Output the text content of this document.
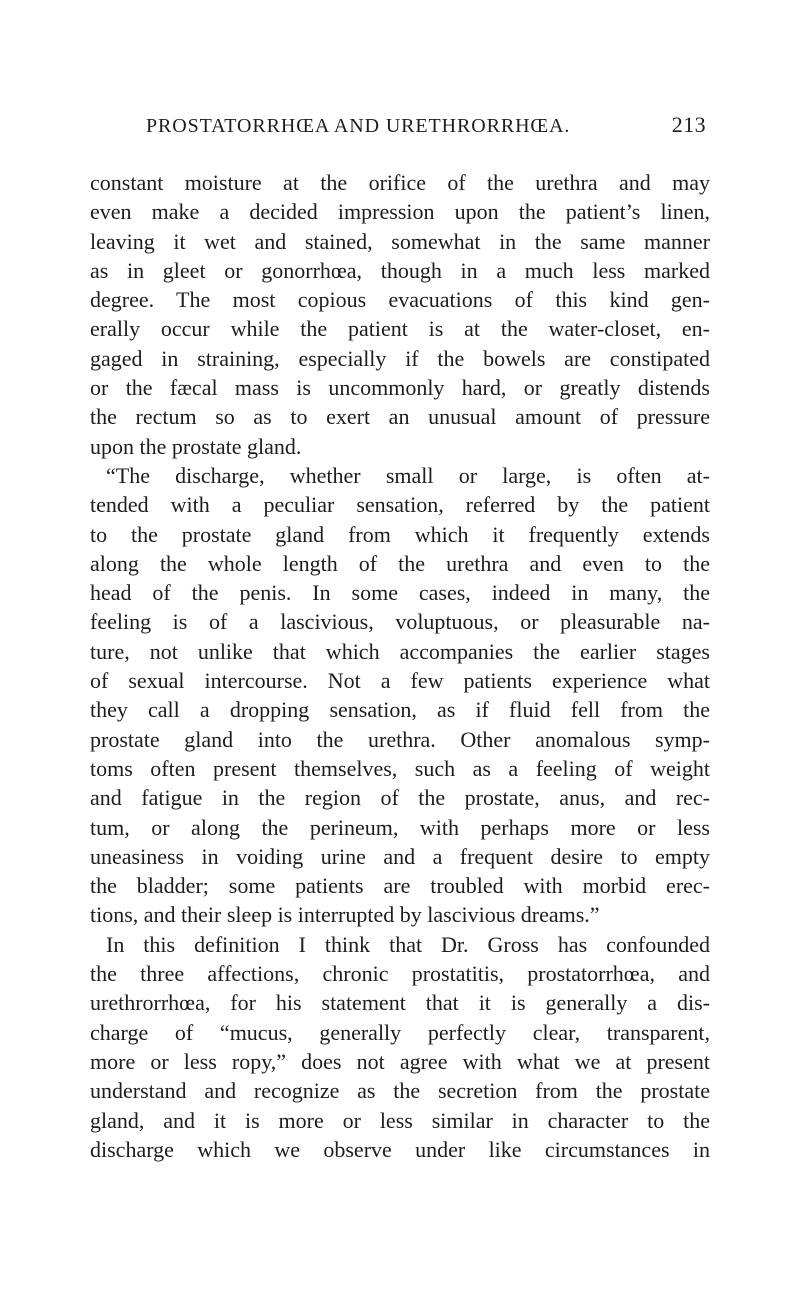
PROSTATORRHŒA AND URETHRORRHŒA.	213
constant moisture at the orifice of the urethra and may
even make a decided impression upon the patient’s linen,
leaving it wet and stained, somewhat in the same manner
as in gleet or gonorrhœa, though in a much less marked
degree. The most copious evacuations of this kind gen-
erally occur while the patient is at the water-closet, en-
gaged in straining, especially if the bowels are constipated
or the fæcal mass is uncommonly hard, or greatly distends
the rectum so as to exert an unusual amount of pressure
upon the prostate gland.
“The discharge, whether small or large, is often at-
tended with a peculiar sensation, referred by the patient
to the prostate gland from which it frequently extends
along the whole length of the urethra and even to the
head of the penis. In some cases, indeed in many, the
feeling is of a lascivious, voluptuous, or pleasurable na-
ture, not unlike that which accompanies the earlier stages
of sexual intercourse. Not a few patients experience what
they call a dropping sensation, as if fluid fell from the
prostate gland into the urethra. Other anomalous symp-
toms often present themselves, such as a feeling of weight
and fatigue in the region of the prostate, anus, and rec-
tum, or along the perineum, with perhaps more or less
uneasiness in voiding urine and a frequent desire to empty
the bladder; some patients are troubled with morbid erec-
tions, and their sleep is interrupted by lascivious dreams.”
In this definition I think that Dr. Gross has confounded
the three affections, chronic prostatitis, prostatorrhœa, and
urethrorrhœa, for his statement that it is generally a dis-
charge of “mucus, generally perfectly clear, transparent,
more or less ropy,” does not agree with what we at present
understand and recognize as the secretion from the prostate
gland, and it is more or less similar in character to the
discharge which we observe under like circumstances in
